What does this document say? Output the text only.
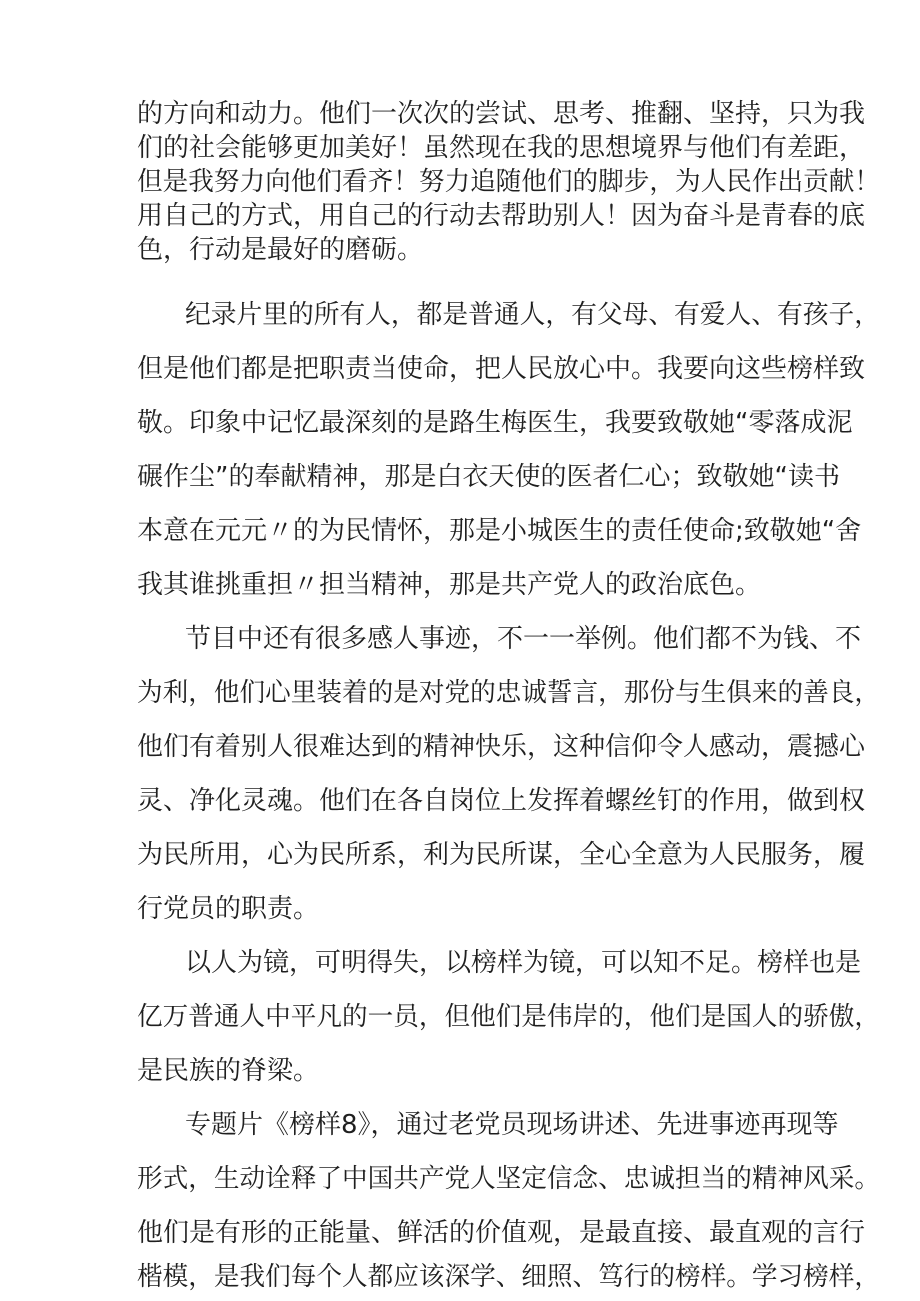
的方向和动力。他们一次次的尝试、思考、推翻、坚持，只为我
们的社会能够更加美好！虽然现在我的思想境界与他们有差距，
但是我努力向他们看齐！努力追随他们的脚步，为人民作出贡献！
用自己的方式，用自己的行动去帮助别人！因为奋斗是青春的底
色，行动是最好的磨砺。
纪录片里的所有人，都是普通人，有父母、有爱人、有孩子，
但是他们都是把职责当使命，把人民放心中。我要向这些榜样致
敬。印象中记忆最深刻的是路生梅医生，我要致敬她“零落成泥
碾作尘”的奉献精神，那是白衣天使的医者仁心；致敬她“读书
本意在元元〃的为民情怀，那是小城医生的责任使命;致敬她“舍
我其谁挑重担〃担当精神，那是共产党人的政治底色。
节目中还有很多感人事迹，不一一举例。他们都不为钱、不
为利，他们心里装着的是对党的忠诚誓言，那份与生俱来的善良，
他们有着别人很难达到的精神快乐，这种信仰令人感动，震撼心
灵、净化灵魂。他们在各自岗位上发挥着螺丝钉的作用，做到权
为民所用，心为民所系，利为民所谋，全心全意为人民服务，履
行党员的职责。
以人为镜，可明得失，以榜样为镜，可以知不足。榜样也是
亿万普通人中平凡的一员，但他们是伟岸的，他们是国人的骄傲，
是民族的脊梁。
专题片《榜样8》，通过老党员现场讲述、先进事迹再现等
形式，生动诠释了中国共产党人坚定信念、忠诚担当的精神风采。
他们是有形的正能量、鲜活的价值观，是最直接、最直观的言行
楷模，是我们每个人都应该深学、细照、笃行的榜样。学习榜样，
